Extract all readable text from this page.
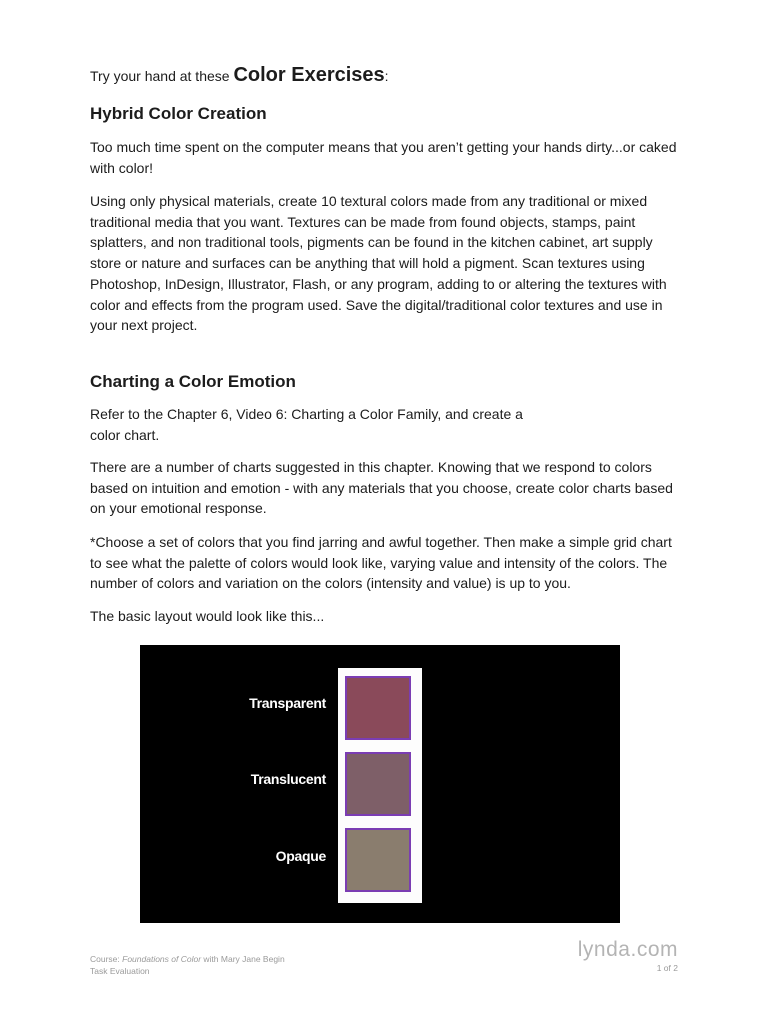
Try your hand at these Color Exercises:
Hybrid Color Creation

Too much time spent on the computer means that you aren’t getting your hands dirty...or caked with color!

Using only physical materials, create 10 textural colors made from any traditional or mixed traditional media that you want. Textures can be made from found objects, stamps, paint splatters, and non traditional tools, pigments can be found in the kitchen cabinet, art supply store or nature and surfaces can be anything that will hold a pigment. Scan textures using Photoshop, InDesign, Illustrator, Flash, or any program, adding to or altering the textures with color and effects from the program used. Save the digital/traditional color textures and use in your next project.

Charting a Color Emotion

Refer to the Chapter 6, Video 6: Charting a Color Family, and create a

color chart.

There are a number of charts suggested in this chapter. Knowing that we respond to colors based on intuition and emotion - with any materials that you choose, create color charts based on your emotional response.

*Choose a set of colors that you find jarring and awful together. Then make a simple grid chart to see what the palette of colors would look like, varying value and intensity of the colors. The number of colors and variation on the colors (intensity and value) is up to you.

The basic layout would look like this...

Transparent
Translucent
Opaque
Course: Foundations of Color with Mary Jane Begin
Task Evaluation
lynda.com
1 of 2
